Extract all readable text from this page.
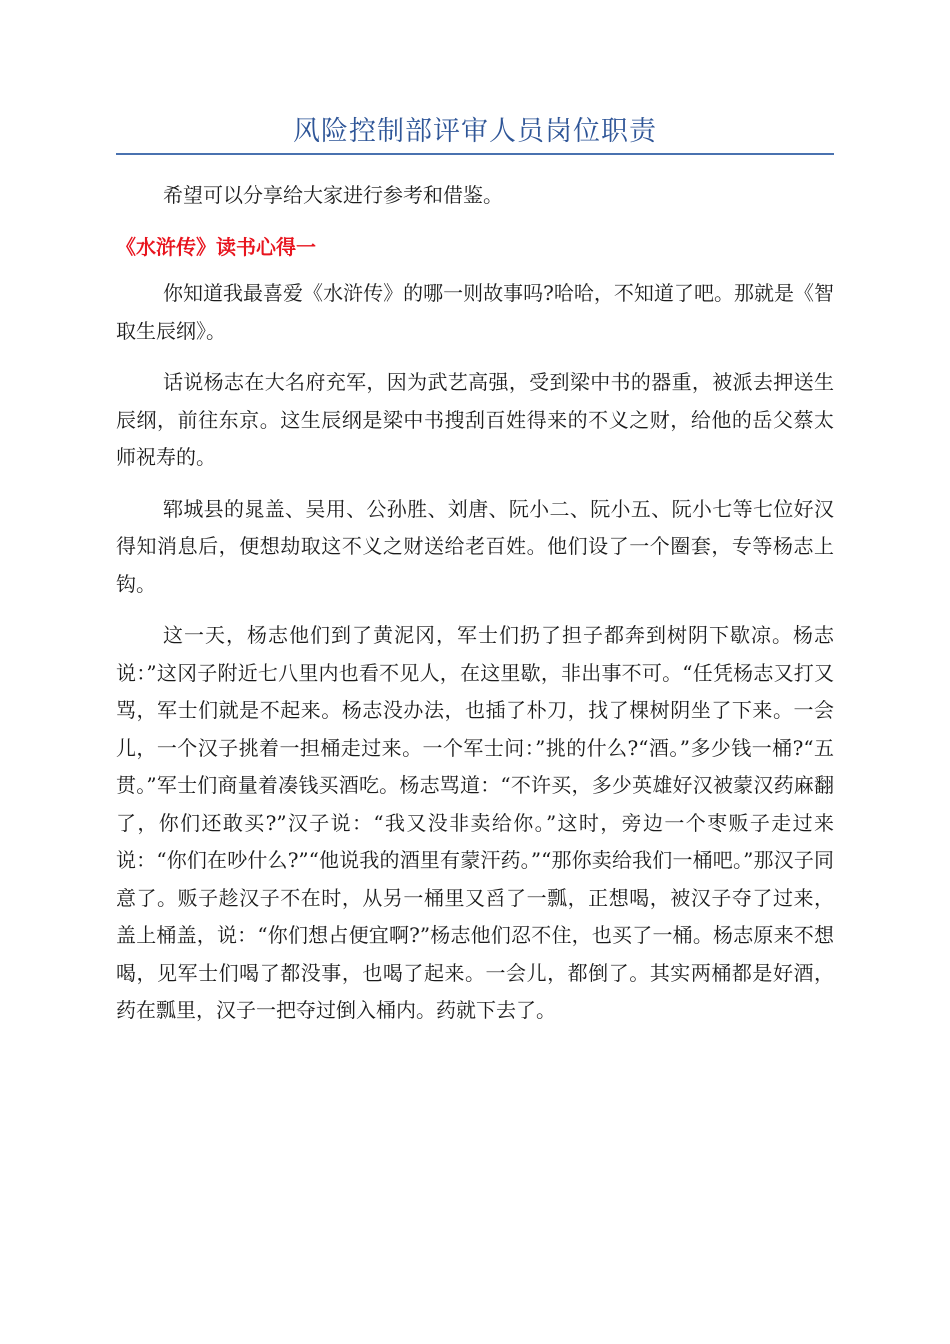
风险控制部评审人员岗位职责

希望可以分享给大家进行参考和借鉴。

《水浒传》读书心得一

你知道我最喜爱《水浒传》的哪一则故事吗?哈哈，不知道了吧。那就是《智取生辰纲》。

话说杨志在大名府充军，因为武艺高强，受到梁中书的器重，被派去押送生辰纲，前往东京。这生辰纲是梁中书搜刮百姓得来的不义之财，给他的岳父蔡太师祝寿的。

郓城县的晁盖、吴用、公孙胜、刘唐、阮小二、阮小五、阮小七等七位好汉得知消息后，便想劫取这不义之财送给老百姓。他们设了一个圈套，专等杨志上钩。

这一天，杨志他们到了黄泥冈，军士们扔了担子都奔到树阴下歇凉。杨志说：”这冈子附近七八里内也看不见人，在这里歇，非出事不可。“任凭杨志又打又骂，军士们就是不起来。杨志没办法，也插了朴刀，找了棵树阴坐了下来。一会儿，一个汉子挑着一担桶走过来。一个军士问：”挑的什么?“酒。”多少钱一桶?“五贯。”军士们商量着凑钱买酒吃。杨志骂道：“不许买，多少英雄好汉被蒙汉药麻翻了，你们还敢买?”汉子说：“我又没非卖给你。”这时，旁边一个枣贩子走过来说：“你们在吵什么?”“他说我的酒里有蒙汗药。”“那你卖给我们一桶吧。”那汉子同意了。贩子趁汉子不在时，从另一桶里又舀了一瓢，正想喝，被汉子夺了过来，盖上桶盖，说：“你们想占便宜啊?”杨志他们忍不住，也买了一桶。杨志原来不想喝，见军士们喝了都没事，也喝了起来。一会儿，都倒了。其实两桶都是好酒，药在瓢里，汉子一把夺过倒入桶内。药就下去了。
